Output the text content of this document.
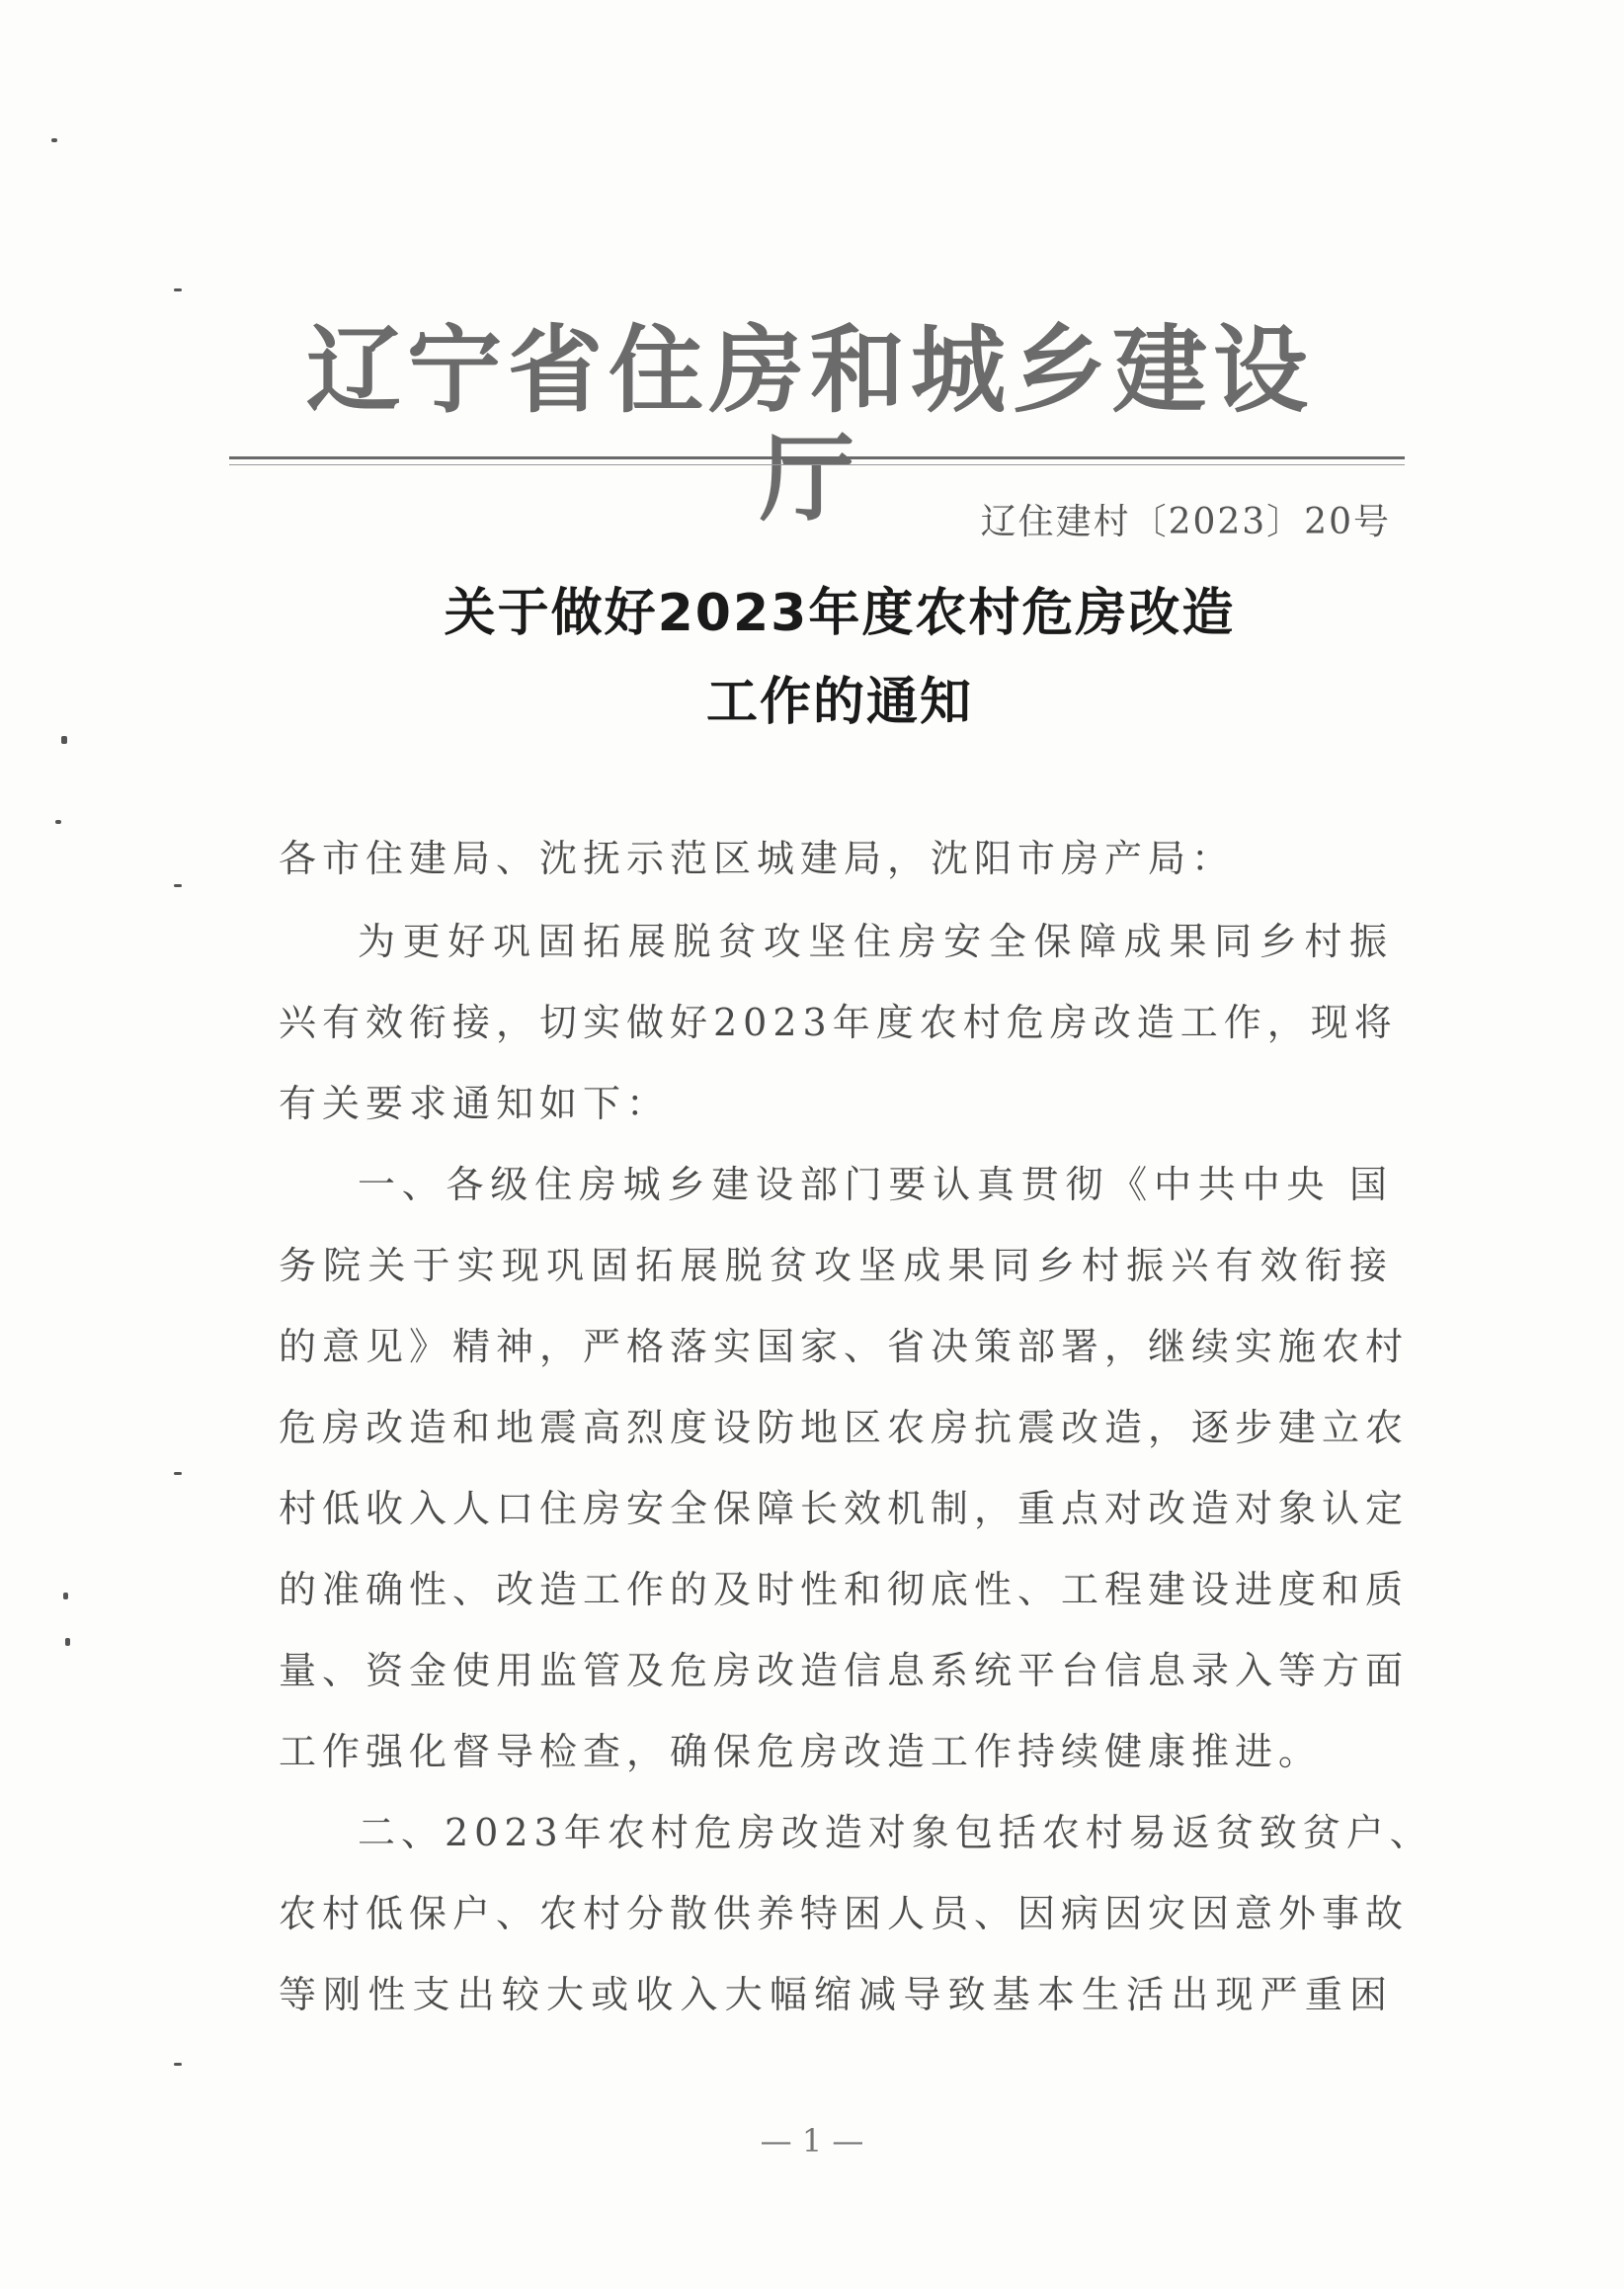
辽宁省住房和城乡建设厅	辽住建村〔2023〕20号
关于做好2023年度农村危房改造
工作的通知
各市住建局、沈抚示范区城建局，沈阳市房产局：
为更好巩固拓展脱贫攻坚住房安全保障成果同乡村振
兴有效衔接，切实做好2023年度农村危房改造工作，现将
有关要求通知如下：
一、各级住房城乡建设部门要认真贯彻《中共中央 国
务院关于实现巩固拓展脱贫攻坚成果同乡村振兴有效衔接
的意见》精神，严格落实国家、省决策部署，继续实施农村
危房改造和地震高烈度设防地区农房抗震改造，逐步建立农
村低收入人口住房安全保障长效机制，重点对改造对象认定
的准确性、改造工作的及时性和彻底性、工程建设进度和质
量、资金使用监管及危房改造信息系统平台信息录入等方面
工作强化督导检查，确保危房改造工作持续健康推进。
二、2023年农村危房改造对象包括农村易返贫致贫户、
农村低保户、农村分散供养特困人员、因病因灾因意外事故
等刚性支出较大或收入大幅缩减导致基本生活出现严重困
— 1 —
